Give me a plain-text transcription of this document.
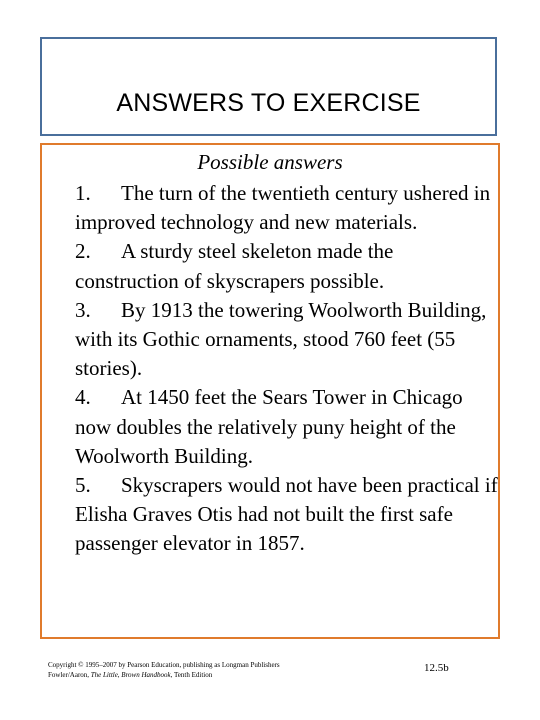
ANSWERS TO EXERCISE
Possible answers
1. The turn of the twentieth century ushered in improved technology and new materials.
2. A sturdy steel skeleton made the construction of skyscrapers possible.
3. By 1913 the towering Woolworth Building, with its Gothic ornaments, stood 760 feet (55 stories).
4. At 1450 feet the Sears Tower in Chicago now doubles the relatively puny height of the Woolworth Building.
5. Skyscrapers would not have been practical if Elisha Graves Otis had not built the first safe passenger elevator in 1857.
Copyright © 1995–2007 by Pearson Education, publishing as Longman Publishers
Fowler/Aaron, The Little, Brown Handbook, Tenth Edition
12.5b
